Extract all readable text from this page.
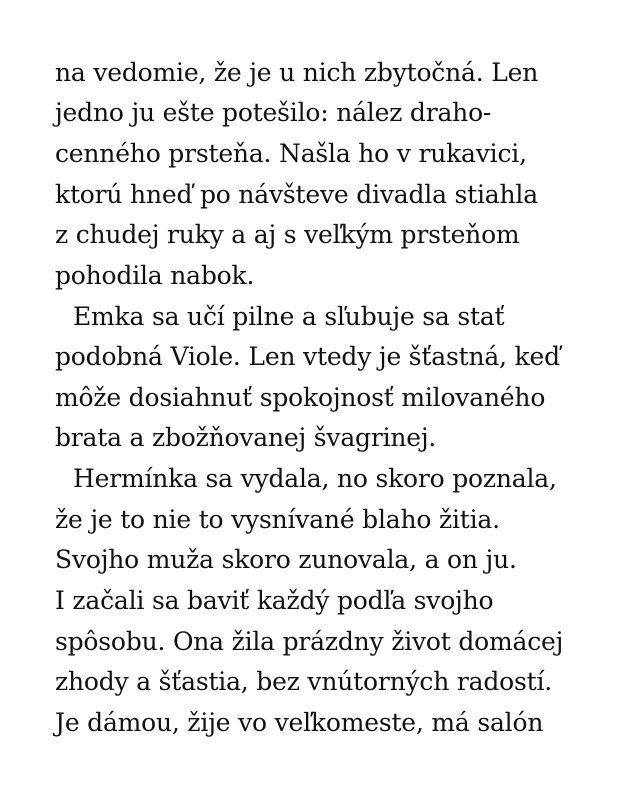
na vedomie, že je u nich zbytočná. Len
jedno ju ešte potešilo: nález draho-
cenného prsteňa. Našla ho v rukavici,
ktorú hneď po návšteve divadla stiahla
z chudej ruky a aj s veľkým prsteňom
pohodila nabok.
Emka sa učí pilne a sľubuje sa stať
podobná Viole. Len vtedy je šťastná, keď
môže dosiahnuť spokojnosť milovaného
brata a zbožňovanej švagrinej.
Hermínka sa vydala, no skoro poznala,
že je to nie to vysnívané blaho žitia.
Svojho muža skoro zunovala, a on ju.
I začali sa baviť každý podľa svojho
spôsobu. Ona žila prázdny život domácej
zhody a šťastia, bez vnútorných radostí.
Je dámou, žije vo veľkomeste, má salón
